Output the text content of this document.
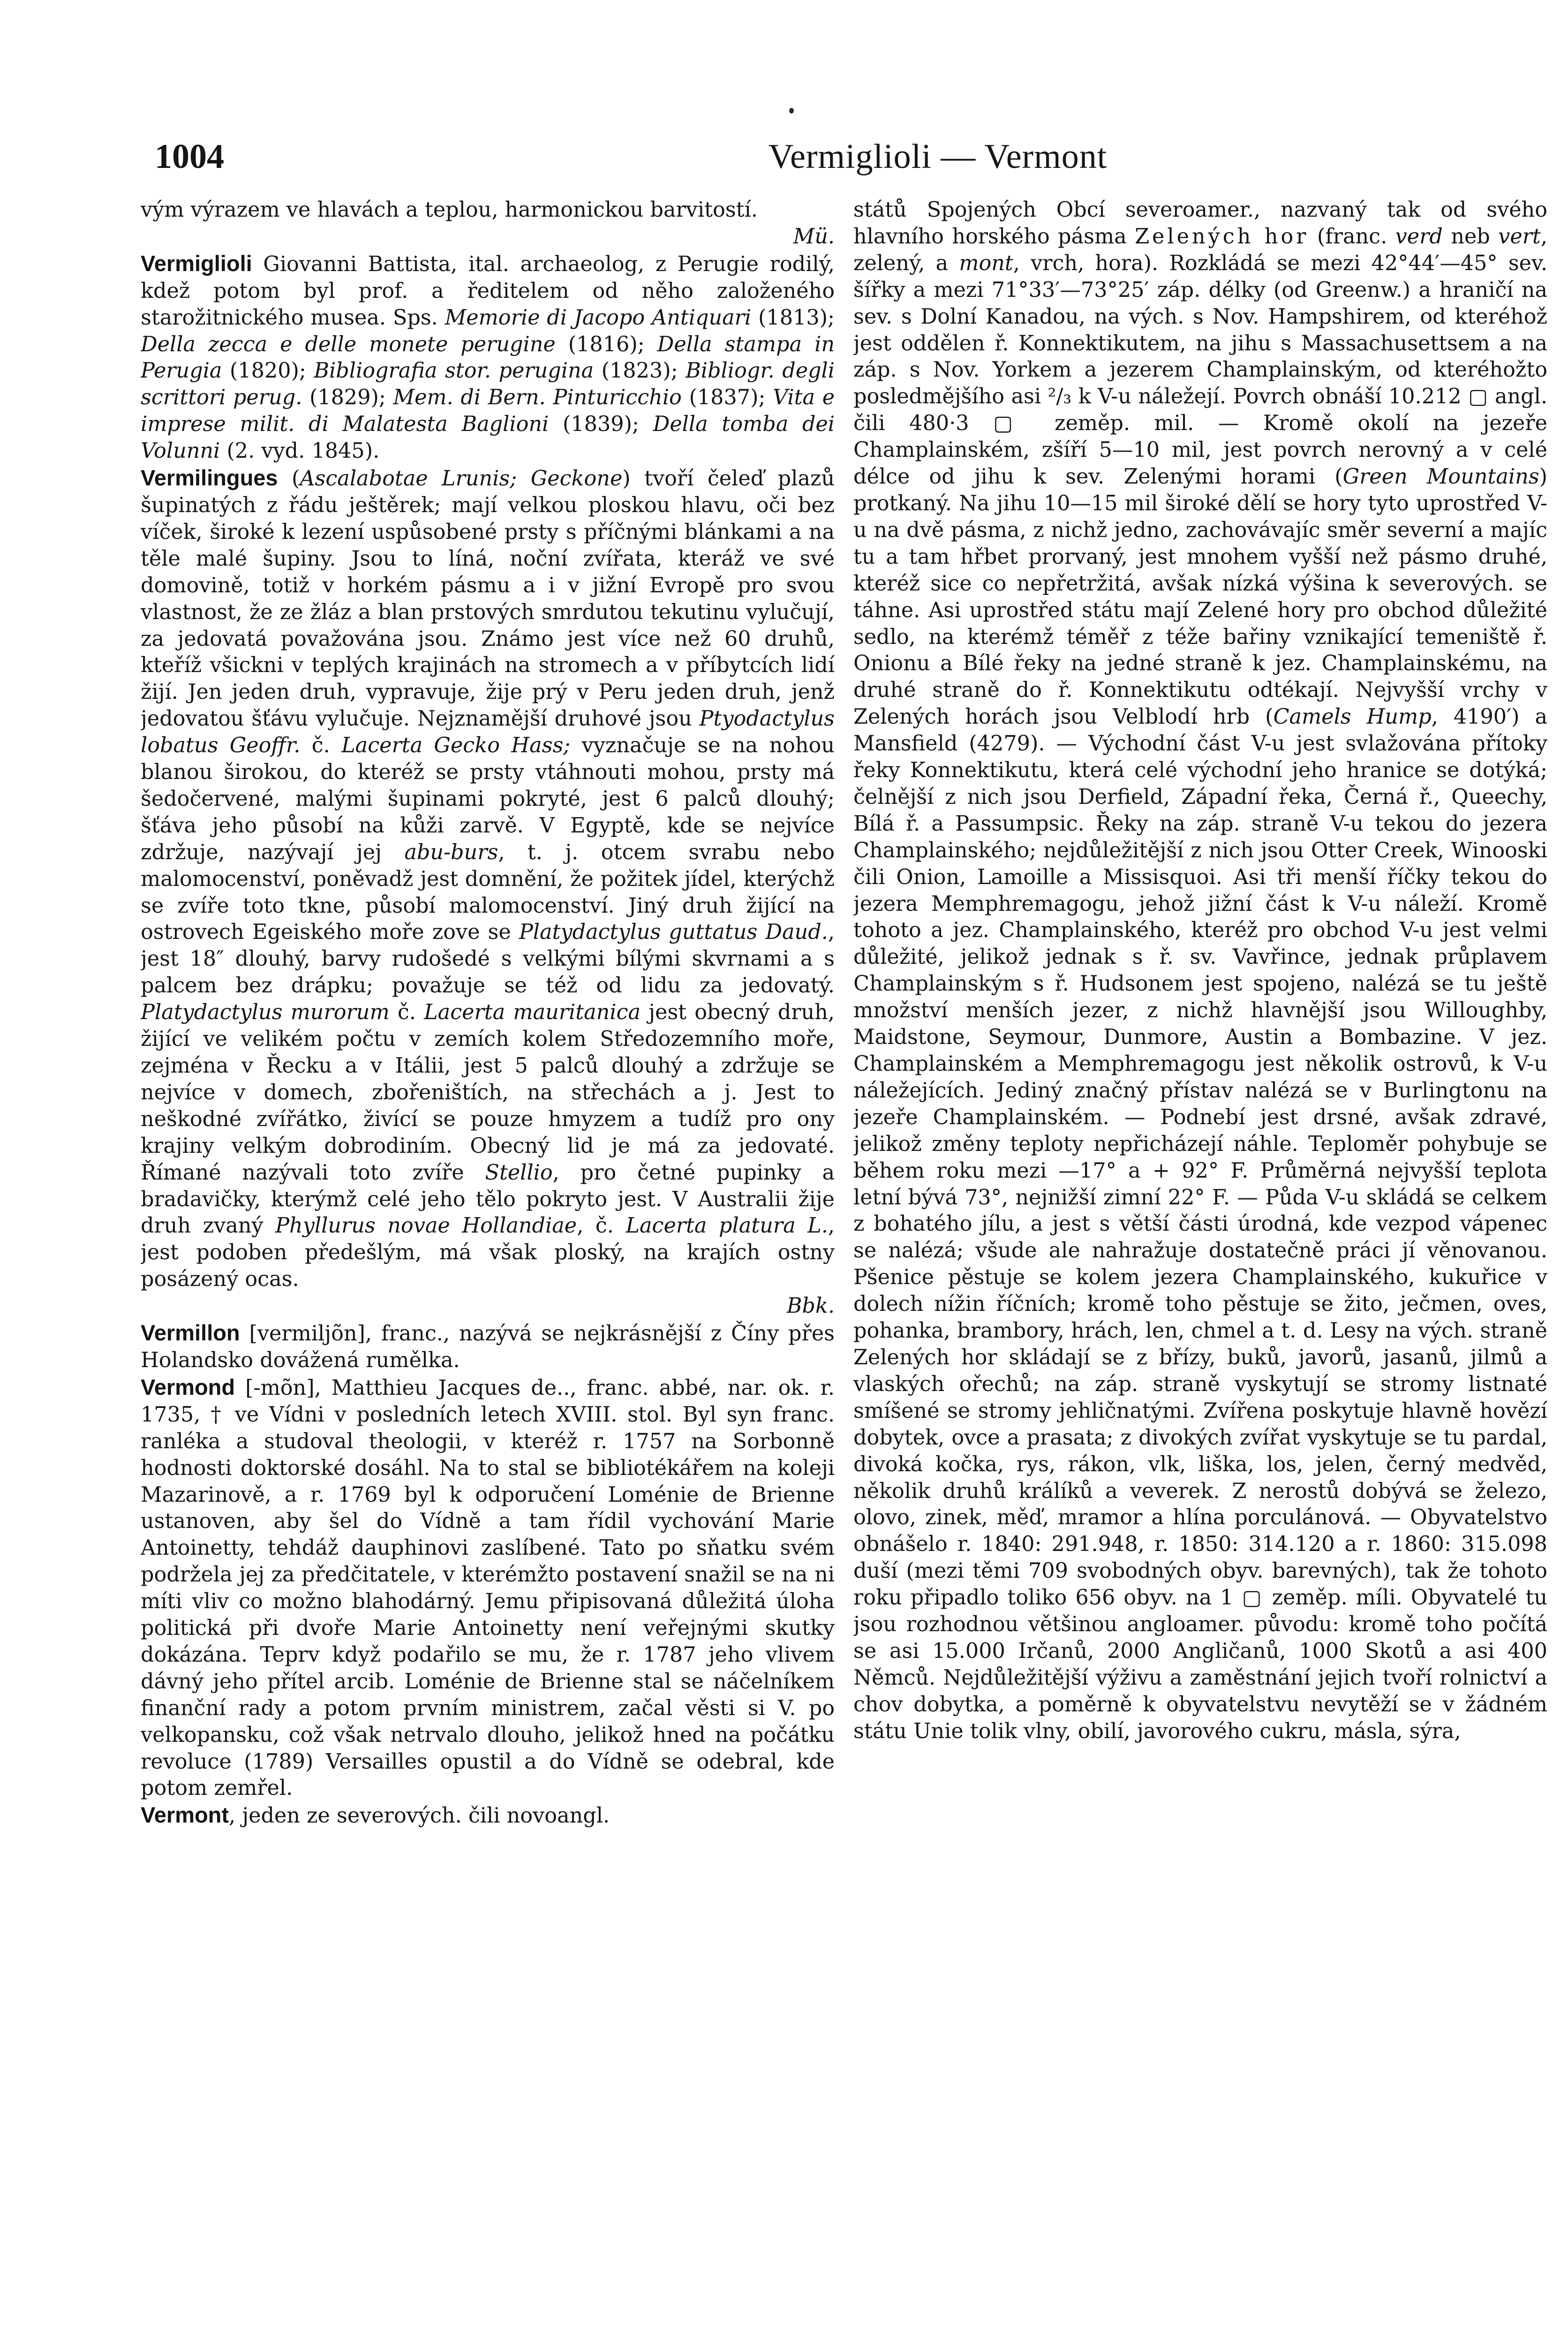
1004	Vermiglioli — Vermont

vým výrazem ve hlavách a teplou, harmonickou barvitostí.
Mü.

Vermiglioli Giovanni Battista, ital. archaeolog, z Perugie rodilý, kdež potom byl prof. a ředitelem od něho založeného starožitnického musea. Sps. Memorie di Jacopo Antiquari (1813); Della zecca e delle monete perugine (1816); Della stampa in Perugia (1820); Bibliografia stor. perugina (1823); Bibliogr. degli scrittori perug. (1829); Mem. di Bern. Pinturicchio (1837); Vita e imprese milit. di Malatesta Baglioni (1839); Della tomba dei Volunni (2. vyd. 1845).

Vermilingues (Ascalabotae Lrunis; Geckone) tvoří čeleď plazů šupinatých z řádu ještěrek; mají velkou ploskou hlavu, oči bez víček, široké k lezení uspůsobené prsty s příčnými blánkami a na těle malé šupiny. Jsou to líná, noční zvířata, kteráž ve své domovině, totiž v horkém pásmu a i v jižní Evropě pro svou vlastnost, že ze žláz a blan prstových smrdutou tekutinu vylučují, za jedovatá považována jsou. Známo jest více než 60 druhů, kteříž všickni v teplých krajinách na stromech a v příbytcích lidí žijí. Jen jeden druh, vypravuje, žije prý v Peru jeden druh, jenž jedovatou šťávu vylučuje. Nejznamější druhové jsou Ptyodactylus lobatus Geoffr. č. Lacerta Gecko Hass; vyznačuje se na nohou blanou širokou, do kteréž se prsty vtáhnouti mohou, prsty má šedočervené, malými šupinami pokryté, jest 6 palců dlouhý; šťáva jeho působí na kůži zarvě. V Egyptě, kde se nejvíce zdržuje, nazývají jej abu-burs, t. j. otcem svrabu nebo malomocenství, poněvadž jest domnění, že požitek jídel, kterýchž se zvíře toto tkne, působí malomocenství. Jiný druh žijící na ostrovech Egeiského moře zove se Platydactylus guttatus Daud., jest 18″ dlouhý, barvy rudošedé s velkými bílými skvrnami a s palcem bez drápku; považuje se též od lidu za jedovatý. Platydactylus murorum č. Lacerta mauritanica jest obecný druh, žijící ve velikém počtu v zemích kolem Středozemního moře, zejména v Řecku a v Itálii, jest 5 palců dlouhý a zdržuje se nejvíce v domech, zbořeništích, na střechách a j. Jest to neškodné zvířátko, živící se pouze hmyzem a tudíž pro ony krajiny velkým dobrodiním. Obecný lid je má za jedovaté. Římané nazývali toto zvíře Stellio, pro četné pupinky a bradavičky, kterýmž celé jeho tělo pokryto jest. V Australii žije druh zvaný Phyllurus novae Hollandiae, č. Lacerta platura L., jest podoben předešlým, má však ploský, na krajích ostny posázený ocas.
Bbk.

Vermillon [vermiljõn], franc., nazývá se nejkrásnější z Číny přes Holandsko dovážená rumělka.

Vermond [-mõn], Matthieu Jacques de.., franc. abbé, nar. ok. r. 1735, † ve Vídni v posledních letech XVIII. stol. Byl syn franc. ranléka a studoval theologii, v kteréž r. 1757 na Sorbonně hodnosti doktorské dosáhl. Na to stal se bibliotékářem na koleji Mazarinově, a r. 1769 byl k odporučení Loménie de Brienne ustanoven, aby šel do Vídně a tam řídil vychování Marie Antoinetty, tehdáž dauphinovi zaslíbené. Tato po sňatku svém podržela jej za předčitatele, v kterémžto postavení snažil se na ni míti vliv co možno blahodárný. Jemu připisovaná důležitá úloha politická při dvoře Marie Antoinetty není veřejnými skutky dokázána. Teprv když podařilo se mu, že r. 1787 jeho vlivem dávný jeho přítel arcib. Loménie de Brienne stal se náčelníkem finanční rady a potom prvním ministrem, začal věsti si V. po velkopansku, což však netrvalo dlouho, jelikož hned na počátku revoluce (1789) Versailles opustil a do Vídně se odebral, kde potom zemřel.

Vermont, jeden ze severových. čili novoangl.

států Spojených Obcí severoamer., nazvaný tak od svého hlavního horského pásma Zelených hor (franc. verd neb vert, zelený, a mont, vrch, hora). Rozkládá se mezi 42°44′—45° sev. šířky a mezi 71°33′—73°25′ záp. délky (od Greenw.) a hraničí na sev. s Dolní Kanadou, na vých. s Nov. Hampshirem, od kteréhož jest oddělen ř. Konnektikutem, na jihu s Massachusettsem a na záp. s Nov. Yorkem a jezerem Champlainským, od kteréhožto posledmějšího asi ²/₃ k V-u náležejí. Povrch obnáší 10.212 ▢ angl. čili 480·3 ▢ zeměp. mil. — Kromě okolí na jezeře Champlainském, zšíří 5—10 mil, jest povrch nerovný a v celé délce od jihu k sev. Zelenými horami (Green Mountains) protkaný. Na jihu 10—15 mil široké dělí se hory tyto uprostřed V-u na dvě pásma, z nichž jedno, zachovávajíc směr severní a majíc tu a tam hřbet prorvaný, jest mnohem vyšší než pásmo druhé, kteréž sice co nepřetržitá, avšak nízká výšina k severových. se táhne. Asi uprostřed státu mají Zelené hory pro obchod důležité sedlo, na kterémž téměř z téže bařiny vznikající temeniště ř. Onionu a Bílé řeky na jedné straně k jez. Champlainskému, na druhé straně do ř. Konnektikutu odtékají. Nejvyšší vrchy v Zelených horách jsou Velblodí hrb (Camels Hump, 4190′) a Mansfield (4279). — Východní část V-u jest svlažována přítoky řeky Konnektikutu, která celé východní jeho hranice se dotýká; čelnější z nich jsou Derfield, Západní řeka, Černá ř., Queechy, Bílá ř. a Passumpsic. Řeky na záp. straně V-u tekou do jezera Champlainského; nejdůležitější z nich jsou Otter Creek, Winooski čili Onion, Lamoille a Missisquoi. Asi tři menší říčky tekou do jezera Memphremagogu, jehož jižní část k V-u náleží. Kromě tohoto a jez. Champlainského, kteréž pro obchod V-u jest velmi důležité, jelikož jednak s ř. sv. Vavřince, jednak průplavem Champlainským s ř. Hudsonem jest spojeno, nalézá se tu ještě množství menších jezer, z nichž hlavnější jsou Willoughby, Maidstone, Seymour, Dunmore, Austin a Bombazine. V jez. Champlainském a Memphremagogu jest několik ostrovů, k V-u náležejících. Jediný značný přístav nalézá se v Burlingtonu na jezeře Champlainském. — Podnebí jest drsné, avšak zdravé, jelikož změny teploty nepřicházejí náhle. Teploměr pohybuje se během roku mezi —17° a + 92° F. Průměrná nejvyšší teplota letní bývá 73°, nejnižší zimní 22° F. — Půda V-u skládá se celkem z bohatého jílu, a jest s větší části úrodná, kde vezpod vápenec se nalézá; všude ale nahražuje dostatečně práci jí věnovanou. Pšenice pěstuje se kolem jezera Champlainského, kukuřice v dolech nížin říčních; kromě toho pěstuje se žito, ječmen, oves, pohanka, brambory, hrách, len, chmel a t. d. Lesy na vých. straně Zelených hor skládají se z břízy, buků, javorů, jasanů, jilmů a vlaských ořechů; na záp. straně vyskytují se stromy listnaté smíšené se stromy jehličnatými. Zvířena poskytuje hlavně hovězí dobytek, ovce a prasata; z divokých zvířat vyskytuje se tu pardal, divoká kočka, rys, rákon, vlk, liška, los, jelen, černý medvěd, několik druhů králíků a veverek. Z nerostů dobývá se železo, olovo, zinek, měď, mramor a hlína porculánová. — Obyvatelstvo obnášelo r. 1840: 291.948, r. 1850: 314.120 a r. 1860: 315.098 duší (mezi těmi 709 svobodných obyv. barevných), tak že tohoto roku připadlo toliko 656 obyv. na 1 ▢ zeměp. míli. Obyvatelé tu jsou rozhodnou většinou angloamer. původu: kromě toho počítá se asi 15.000 Irčanů, 2000 Angličanů, 1000 Skotů a asi 400 Němců. Nejdůležitější výživu a zaměstnání jejich tvoří rolnictví a chov dobytka, a poměrně k obyvatelstvu nevytěží se v žádném státu Unie tolik vlny, obilí, javorového cukru, másla, sýra,
